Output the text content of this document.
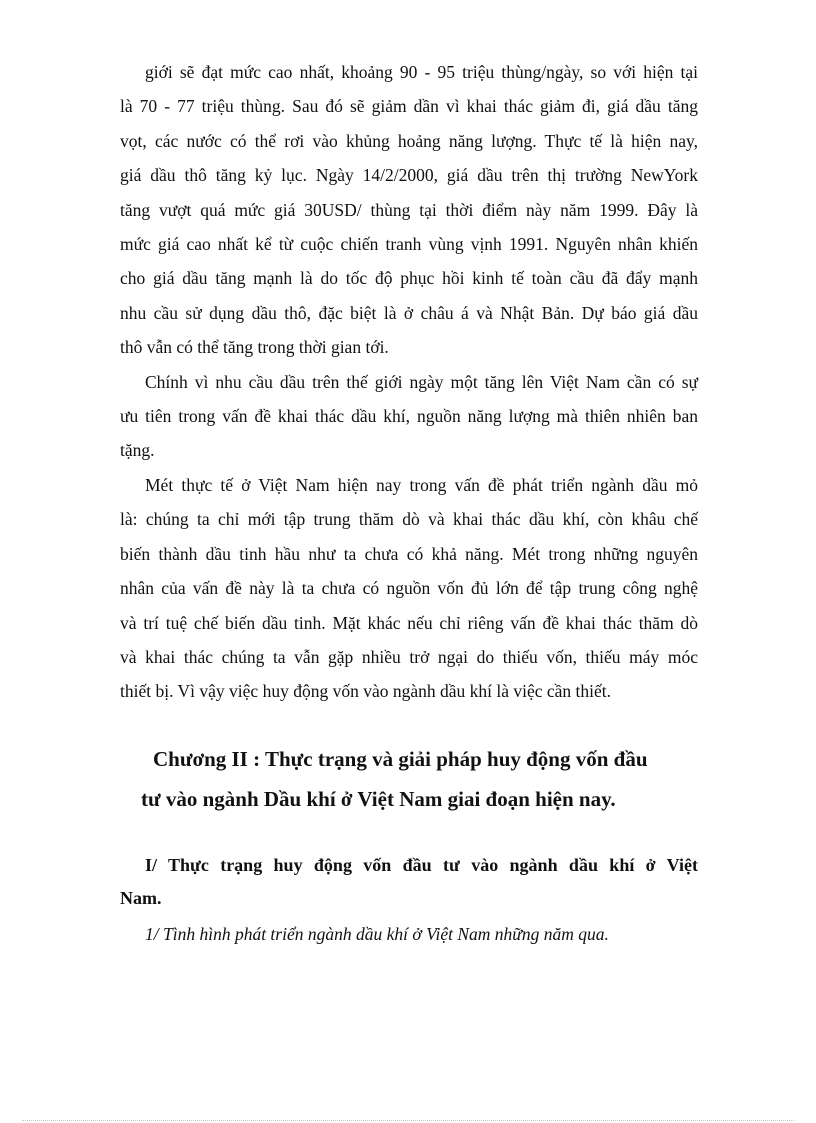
giới sẽ đạt mức cao nhất, khoảng 90 - 95 triệu thùng/ngày, so với hiện tại
là 70 - 77 triệu thùng. Sau đó sẽ giảm dần vì khai thác giảm đi, giá dầu tăng
vọt, các nước có thể rơi vào khủng hoảng năng lượng. Thực tế là hiện nay,
giá dầu thô tăng kỷ lục. Ngày 14/2/2000, giá dầu trên thị trường NewYork
tăng vượt quá mức giá 30USD/ thùng tại thời điểm này năm 1999. Đây là
mức giá cao nhất kể từ cuộc chiến tranh vùng vịnh 1991. Nguyên nhân khiến
cho giá dầu tăng mạnh là do tốc độ phục hồi kinh tế toàn cầu đã đẩy mạnh
nhu cầu sử dụng dầu thô, đặc biệt là ở châu á và Nhật Bản. Dự báo giá dầu
thô vẫn có thể tăng trong thời gian tới.
Chính vì nhu cầu dầu trên thế giới ngày một tăng lên Việt Nam cần có sự
ưu tiên trong vấn đề khai thác dầu khí, nguồn năng lượng mà thiên nhiên ban
tặng.
Mét thực tế ở Việt Nam hiện nay trong vấn đề phát triển ngành dầu mỏ
là: chúng ta chỉ mới tập trung thăm dò và khai thác dầu khí, còn khâu chế
biến thành dầu tinh hầu như ta chưa có khả năng. Mét trong những nguyên
nhân của vấn đề này là ta chưa có nguồn vốn đủ lớn để tập trung công nghệ
và trí tuệ chế biến dầu tinh. Mặt khác nếu chỉ riêng vấn đề khai thác thăm dò
và khai thác chúng ta vẫn gặp nhiều trở ngại do thiếu vốn, thiếu máy móc
thiết bị. Vì vậy việc huy động vốn vào ngành dầu khí là việc cần thiết.
Chương II : Thực trạng và giải pháp huy động vốn đầu
tư vào ngành Dầu khí ở Việt Nam giai đoạn hiện nay.
I/ Thực trạng huy động vốn đầu tư vào ngành dầu khí ở Việt
Nam.
1/ Tình hình phát triển ngành dầu khí ở Việt Nam những năm qua.
